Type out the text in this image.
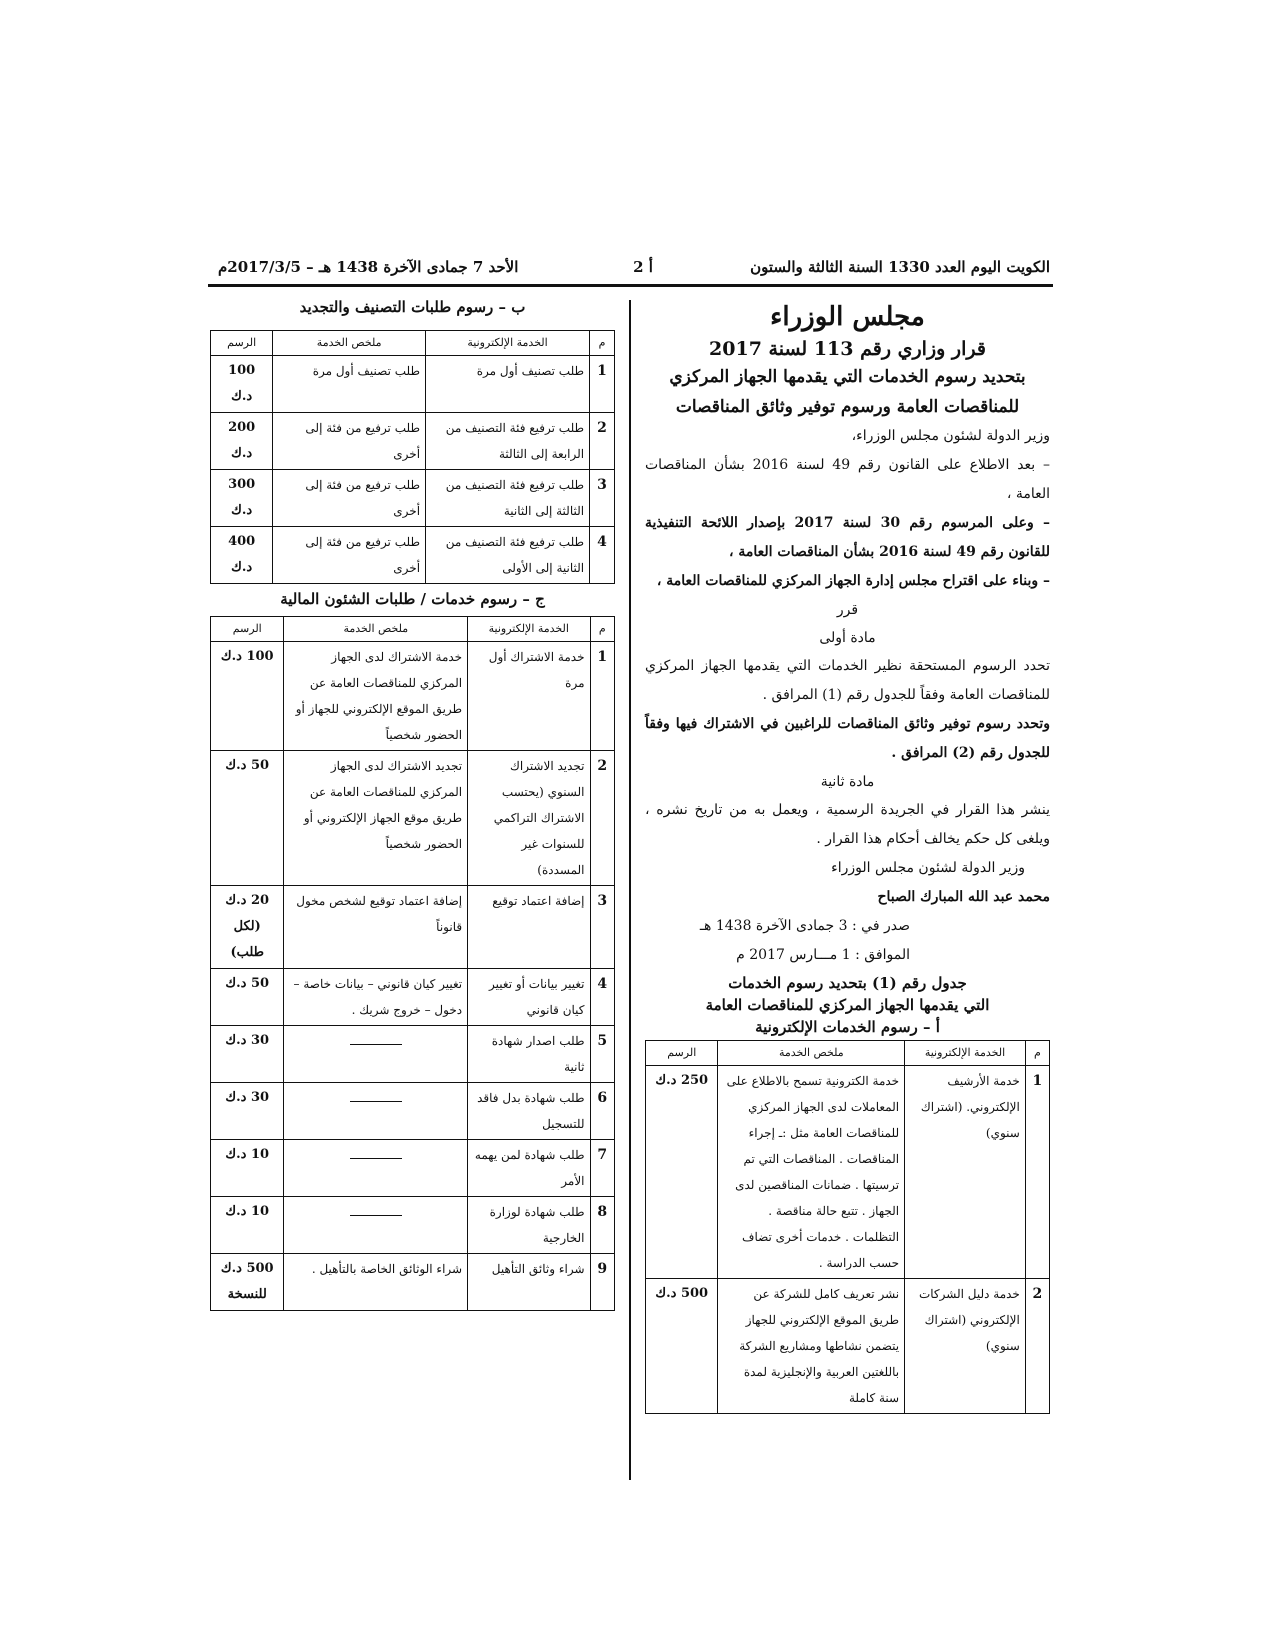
الكويت اليوم العدد 1330 السنة الثالثة والستون
أ 2
الأحد 7 جمادى الآخرة 1438 هـ – 2017/3/5م
مجلس الوزراء
قرار وزاري رقم 113 لسنة 2017
بتحديد رسوم الخدمات التي يقدمها الجهاز المركزي
للمناقصات العامة ورسوم توفير وثائق المناقصات
وزير الدولة لشئون مجلس الوزراء،
– بعد الاطلاع على القانون رقم 49 لسنة 2016 بشأن المناقصات العامة ،
– وعلى المرسوم رقم 30 لسنة 2017 بإصدار اللائحة التنفيذية للقانون رقم 49 لسنة 2016 بشأن المناقصات العامة ،
– وبناء على اقتراح مجلس إدارة الجهاز المركزي للمناقصات العامة ،
قرر
مادة أولى
تحدد الرسوم المستحقة نظير الخدمات التي يقدمها الجهاز المركزي للمناقصات العامة وفقاً للجدول رقم (1) المرافق .
وتحدد رسوم توفير وثائق المناقصات للراغبين في الاشتراك فيها وفقاً للجدول رقم (2) المرافق .
مادة ثانية
ينشر هذا القرار في الجريدة الرسمية ، ويعمل به من تاريخ نشره ، ويلغى كل حكم يخالف أحكام هذا القرار .
وزير الدولة لشئون مجلس الوزراء
محمد عبد الله المبارك الصباح
صدر في : 3 جمادى الآخرة 1438 هـ
الموافق : 1 مـــارس 2017 م
جدول رقم (1) بتحديد رسوم الخدمات
التي يقدمها الجهاز المركزي للمناقصات العامة
أ – رسوم الخدمات الإلكترونية
م	الخدمة الإلكترونية	ملخص الخدمة	الرسم
1	خدمة الأرشيف الإلكتروني. (اشتراك سنوي)	خدمة الكترونية تسمح بالاطلاع على المعاملات لدى الجهاز المركزي للمناقصات العامة مثل :ـ إجراء المناقصات . المناقصات التي تم ترسيتها . ضمانات المناقصين لدى الجهاز . تتبع حالة مناقصة . التظلمات . خدمات أخرى تضاف حسب الدراسة .	250 د.ك
2	خدمة دليل الشركات الإلكتروني (اشتراك سنوي)	نشر تعريف كامل للشركة عن طريق الموقع الإلكتروني للجهاز يتضمن نشاطها ومشاريع الشركة باللغتين العربية والإنجليزية لمدة سنة كاملة	500 د.ك
ب – رسوم طلبات التصنيف والتجديد
م	الخدمة الإلكترونية	ملخص الخدمة	الرسم
1	طلب تصنيف أول مرة	طلب تصنيف أول مرة	100 د.ك
2	طلب ترفيع فئة التصنيف من الرابعة إلى الثالثة	طلب ترفيع من فئة إلى أخرى	200 د.ك
3	طلب ترفيع فئة التصنيف من الثالثة إلى الثانية	طلب ترفيع من فئة إلى أخرى	300 د.ك
4	طلب ترفيع فئة التصنيف من الثانية إلى الأولى	طلب ترفيع من فئة إلى أخرى	400 د.ك
ج – رسوم خدمات / طلبات الشئون المالية
م	الخدمة الإلكترونية	ملخص الخدمة	الرسم
1	خدمة الاشتراك أول مرة	خدمة الاشتراك لدى الجهاز المركزي للمناقصات العامة عن طريق الموقع الإلكتروني للجهاز أو الحضور شخصياً	100 د.ك
2	تجديد الاشتراك السنوي (يحتسب الاشتراك التراكمي للسنوات غير المسددة)	تجديد الاشتراك لدى الجهاز المركزي للمناقصات العامة عن طريق موقع الجهاز الإلكتروني أو الحضور شخصياً	50 د.ك
3	إضافة اعتماد توقيع	إضافة اعتماد توقيع لشخص مخول قانوناً	20 د.ك (لكل طلب)
4	تغيير بيانات أو تغيير كيان قانوني	تغيير كيان قانوني – بيانات خاصة – دخول – خروج شريك .	50 د.ك
5	طلب اصدار شهادة ثانية		30 د.ك
6	طلب شهادة بدل فاقد للتسجيل		30 د.ك
7	طلب شهادة لمن يهمه الأمر		10 د.ك
8	طلب شهادة لوزارة الخارجية		10 د.ك
9	شراء وثائق التأهيل	شراء الوثائق الخاصة بالتأهيل .	500 د.ك للنسخة
